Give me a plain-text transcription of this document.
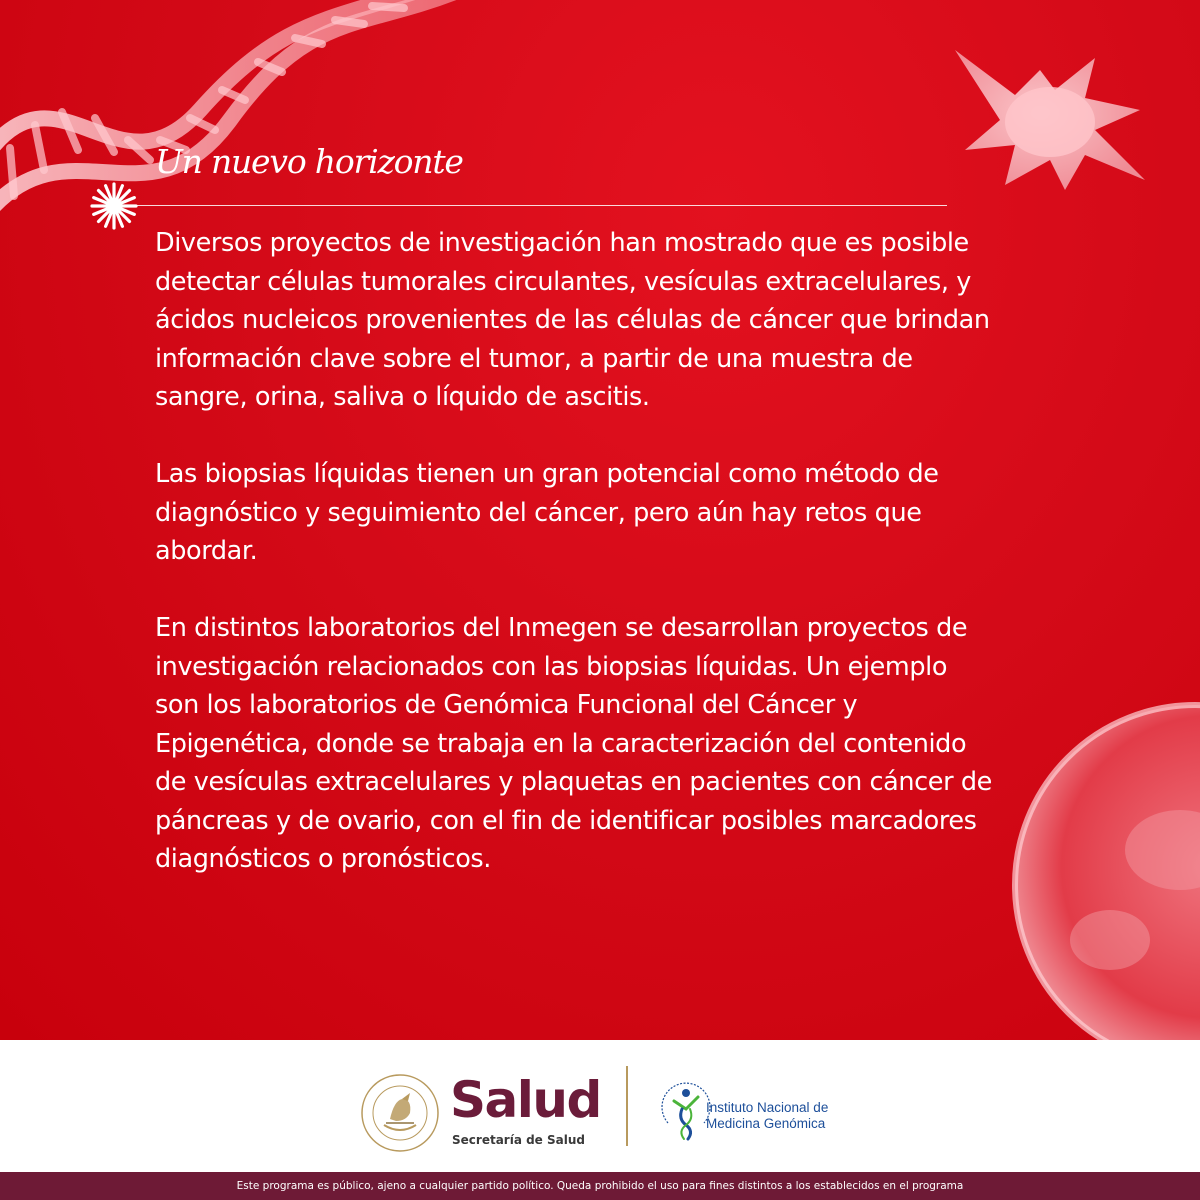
Un nuevo horizonte

Diversos proyectos de investigación han mostrado que es posible detectar células tumorales circulantes, vesículas extracelulares, y ácidos nucleicos provenientes de las células de cáncer que brindan información clave sobre el tumor, a partir de una muestra de sangre, orina, saliva o líquido de ascitis.

Las biopsias líquidas tienen un gran potencial como método de diagnóstico y seguimiento del cáncer, pero aún hay retos que abordar.

En distintos laboratorios del Inmegen se desarrollan proyectos de investigación relacionados con las biopsias líquidas. Un ejemplo son los laboratorios de Genómica Funcional del Cáncer y Epigenética, donde se trabaja en la caracterización del contenido de vesículas extracelulares y plaquetas en pacientes con cáncer de páncreas y de ovario, con el fin de identificar posibles marcadores diagnósticos o pronósticos.

Salud
Secretaría de Salud
Instituto Nacional de
Medicina Genómica
Este programa es público, ajeno a cualquier partido político. Queda prohibido el uso para fines distintos a los establecidos en el programa
